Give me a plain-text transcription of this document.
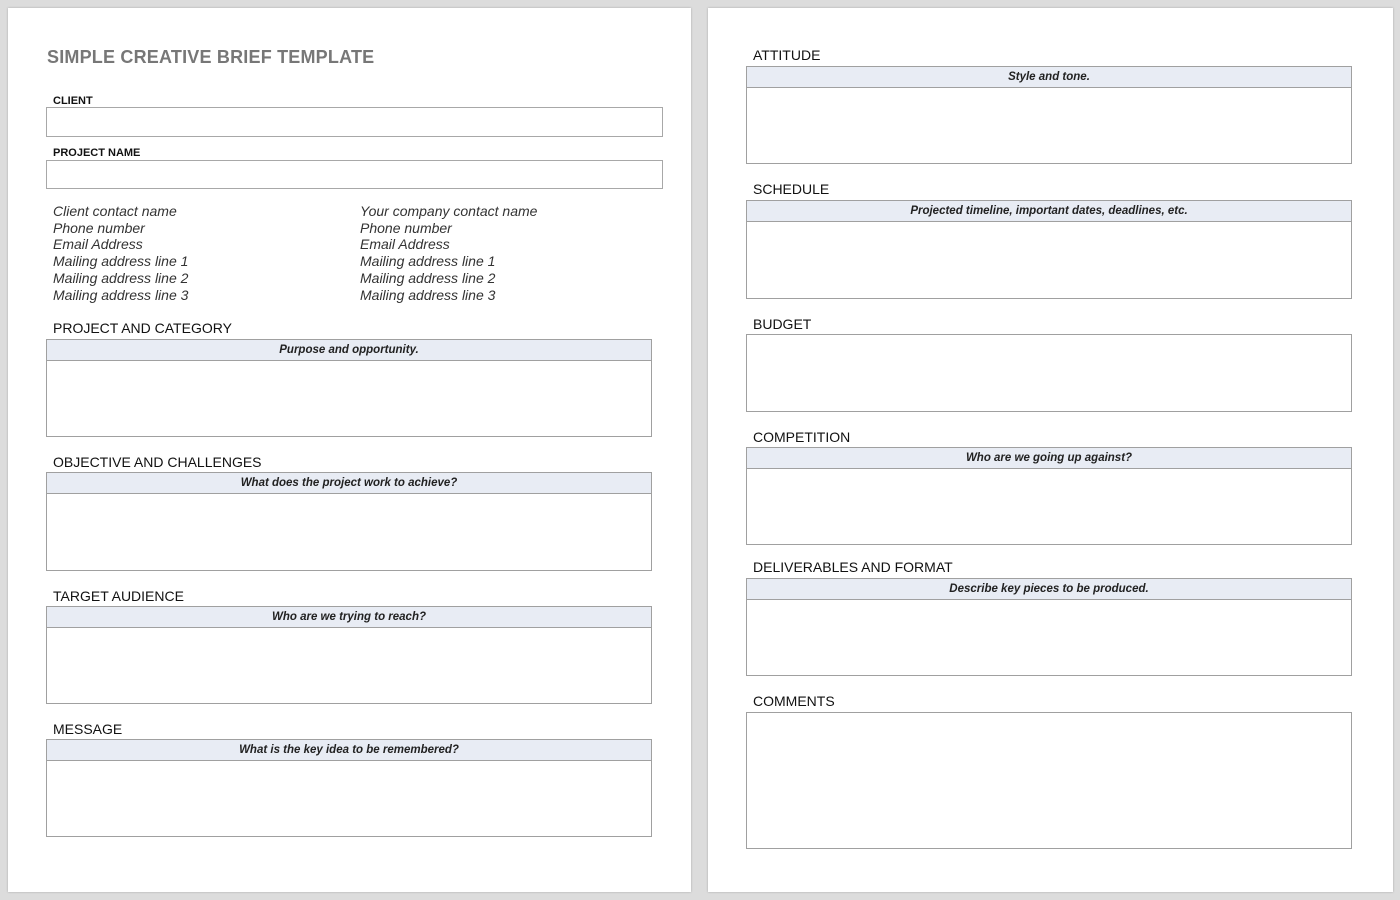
SIMPLE CREATIVE BRIEF TEMPLATE
CLIENT
PROJECT NAME
Client contact name
Phone number
Email Address
Mailing address line 1
Mailing address line 2
Mailing address line 3
Your company contact name
Phone number
Email Address
Mailing address line 1
Mailing address line 2
Mailing address line 3
PROJECT AND CATEGORY
Purpose and opportunity.
OBJECTIVE AND CHALLENGES
What does the project work to achieve?
TARGET AUDIENCE
Who are we trying to reach?
MESSAGE
What is the key idea to be remembered?
ATTITUDE
Style and tone.
SCHEDULE
Projected timeline, important dates, deadlines, etc.
BUDGET
COMPETITION
Who are we going up against?
DELIVERABLES AND FORMAT
Describe key pieces to be produced.
COMMENTS
